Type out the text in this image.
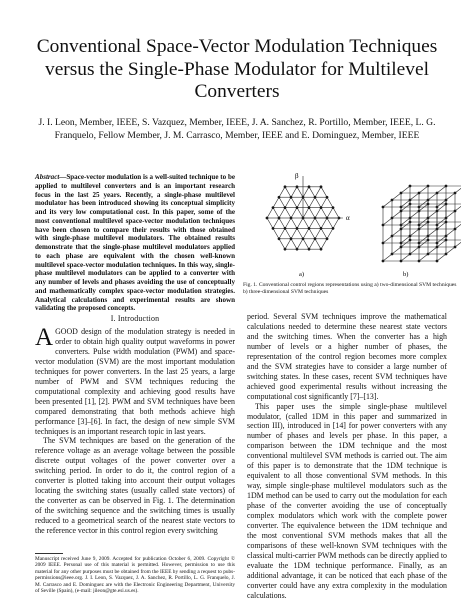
Conventional Space-Vector Modulation Techniques versus the Single-Phase Modulator for Multilevel Converters
J. I. Leon, Member, IEEE, S. Vazquez, Member, IEEE, J. A. Sanchez, R. Portillo, Member, IEEE, L. G. Franquelo, Fellow Member, J. M. Carrasco, Member, IEEE and E. Dominguez, Member, IEEE
Abstract—Space-vector modulation is a well-suited technique to be applied to multilevel converters and is an important research focus in the last 25 years. Recently, a single-phase multilevel modulator has been introduced showing its conceptual simplicity and its very low computational cost. In this paper, some of the most conventional multilevel space-vector modulation techniques have been chosen to compare their results with those obtained with single-phase multilevel modulators. The obtained results demonstrate that the single-phase multilevel modulators applied to each phase are equivalent with the chosen well-known multilevel space-vector modulation techniques. In this way, single-phase multilevel modulators can be applied to a converter with any number of levels and phases avoiding the use of conceptually and mathematically complex space-vector modulation strategies. Analytical calculations and experimental results are shown validating the proposed concepts.
I. Introduction

AGOOD design of the modulation strategy is needed in order to obtain high quality output waveforms in power converters. Pulse width modulation (PWM) and space-vector modulation (SVM) are the most important modulation techniques for power converters. In the last 25 years, a large number of PWM and SVM techniques reducing the computational complexity and achieving good results have been presented [1], [2]. PWM and SVM techniques have been compared demonstrating that both methods achieve high performance [3]–[6]. In fact, the design of new simple SVM techniques is an important research topic in last years.

The SVM techniques are based on the generation of the reference voltage as an average voltage between the possible discrete output voltages of the power converter over a switching period. In order to do it, the control region of a converter is plotted taking into account their output voltages locating the switching states (usually called state vectors) of the converter as can be observed in Fig. 1. The determination of the switching sequence and the switching times is usually reduced to a geometrical search of the nearest state vectors to the reference vector in this control region every switching

Manuscript received June 9, 2009. Accepted for publication October 6, 2009. Copyright © 2009 IEEE. Personal use of this material is permitted. However, permission to use this material for any other purposes must be obtained from the IEEE by sending a request to pubs-permissions@ieee.org. J. I. Leon, S. Vazquez, J. A. Sanchez, R. Portillo, L. G. Franquelo, J. M. Carrasco and E. Dominguez are with the Electronic Engineering Department, University of Seville (Spain), (e-mail: jileon@gte.esi.us.es).
α
β
a)	b)
Fig. 1. Conventional control regions representations using a) two-dimensional SVM techniques b) three-dimensional SVM techniques

period. Several SVM techniques improve the mathematical calculations needed to determine these nearest state vectors and the switching times. When the converter has a high number of levels or a higher number of phases, the representation of the control region becomes more complex and the SVM strategies have to consider a large number of switching states. In these cases, recent SVM techniques have achieved good experimental results without increasing the computational cost significantly [7]–[13].

This paper uses the simple single-phase multilevel modulator, (called 1DM in this paper and summarized in section III), introduced in [14] for power converters with any number of phases and levels per phase. In this paper, a comparison between the 1DM technique and the most conventional multilevel SVM methods is carried out. The aim of this paper is to demonstrate that the 1DM technique is equivalent to all those conventional SVM methods. In this way, simple single-phase multilevel modulators such as the 1DM method can be used to carry out the modulation for each phase of the converter avoiding the use of conceptually complex modulators which work with the complete power converter. The equivalence between the 1DM technique and the most conventional SVM methods makes that all the comparisons of these well-known SVM techniques with the classical multi-carrier PWM methods can be directly applied to evaluate the 1DM technique performance. Finally, as an additional advantage, it can be noticed that each phase of the converter could have any extra complexity in the modulation calculations.
